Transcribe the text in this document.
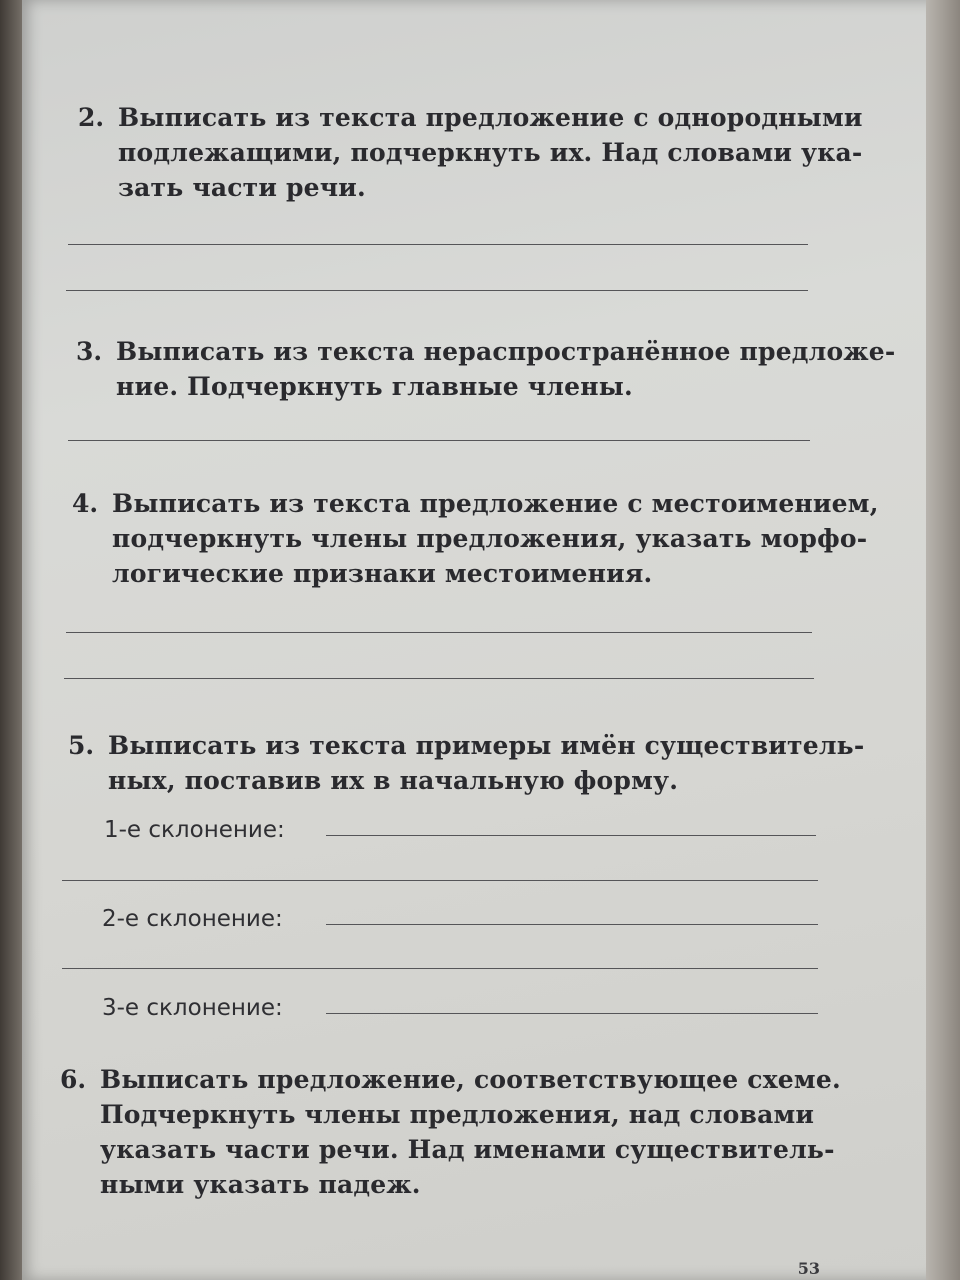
2. Выписать из текста предложение с однородными
подлежащими, подчеркнуть их. Над словами ука-
зать части речи.
3. Выписать из текста нераспространённое предложе-
ние. Подчеркнуть главные члены.
4. Выписать из текста предложение с местоимением,
подчеркнуть члены предложения, указать морфо-
логические признаки местоимения.
5. Выписать из текста примеры имён существитель-
ных, поставив их в начальную форму.
1-е склонение:
2-е склонение:
3-е склонение:
6. Выписать предложение, соответствующее схеме.
Подчеркнуть члены предложения, над словами
указать части речи. Над именами существитель-
ными указать падеж.
53
